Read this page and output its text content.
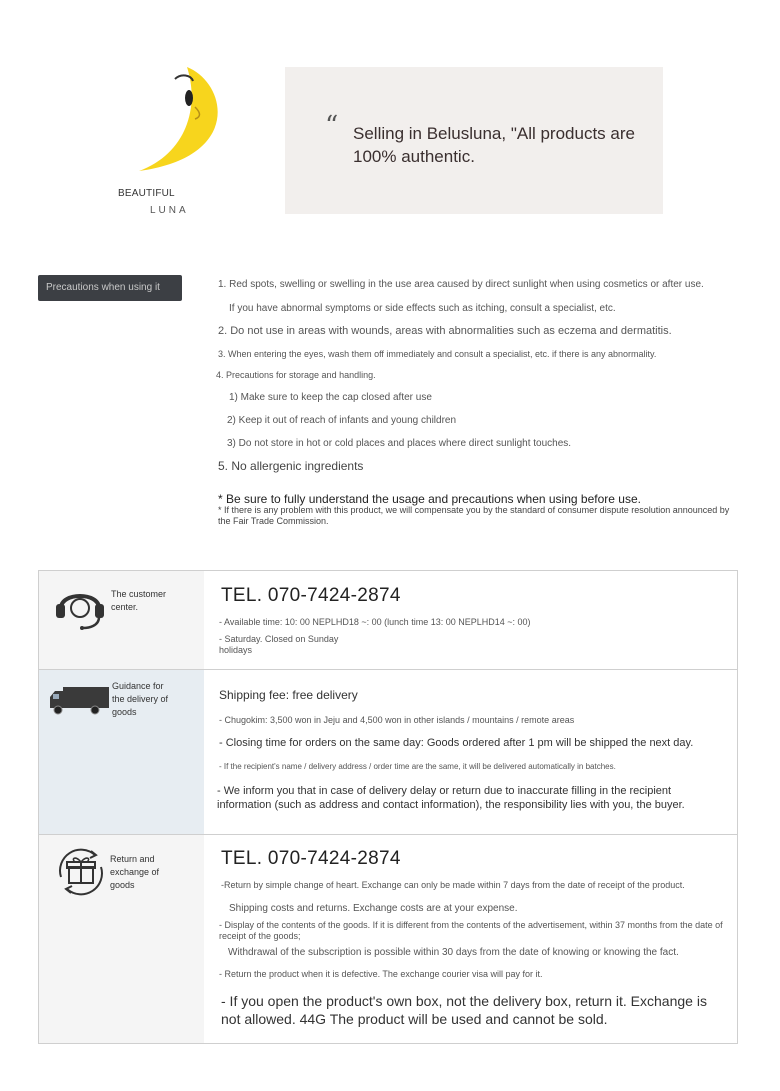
BEAUTIFUL
LUNA
“ Selling in Belusluna, "All products are 100% authentic.
Precautions when using it	1. Red spots, swelling or swelling in the use area caused by direct sunlight when using cosmetics or after use.
If you have abnormal symptoms or side effects such as itching, consult a specialist, etc.
2. Do not use in areas with wounds, areas with abnormalities such as eczema and dermatitis.
3. When entering the eyes, wash them off immediately and consult a specialist, etc. if there is any abnormality.
4. Precautions for storage and handling.
1) Make sure to keep the cap closed after use
2) Keep it out of reach of infants and young children
3) Do not store in hot or cold places and places where direct sunlight touches.
5. No allergenic ingredients
* Be sure to fully understand the usage and precautions when using before use.
* If there is any problem with this product, we will compensate you by the standard of consumer dispute resolution announced by the Fair Trade Commission.
The customer center.
TEL. 070-7424-2874
- Available time: 10: 00 NEPLHD18 ~: 00 (lunch time 13: 00 NEPLHD14 ~: 00)
- Saturday. Closed on Sunday holidays
Guidance for the delivery of goods
Shipping fee: free delivery
- Chugokim: 3,500 won in Jeju and 4,500 won in other islands / mountains / remote areas
- Closing time for orders on the same day: Goods ordered after 1 pm will be shipped the next day.
- If the recipient's name / delivery address / order time are the same, it will be delivered automatically in batches.
- We inform you that in case of delivery delay or return due to inaccurate filling in the recipient information (such as address and contact information), the responsibility lies with you, the buyer.
Return and exchange of goods
TEL. 070-7424-2874
-Return by simple change of heart. Exchange can only be made within 7 days from the date of receipt of the product.
Shipping costs and returns. Exchange costs are at your expense.
- Display of the contents of the goods. If it is different from the contents of the advertisement, within 37 months from the date of receipt of the goods;
Withdrawal of the subscription is possible within 30 days from the date of knowing or knowing the fact.
- Return the product when it is defective. The exchange courier visa will pay for it.
- If you open the product's own box, not the delivery box, return it. Exchange is not allowed. 44G The product will be used and cannot be sold.
